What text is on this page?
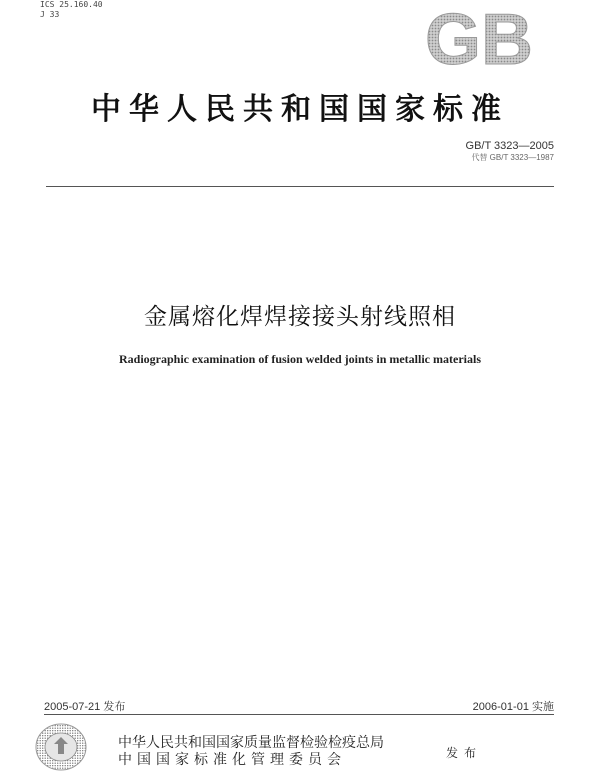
ICS 25.160.40
J 33	GB
中华人民共和国国家标准
GB/T 3323—2005
代替 GB/T 3323—1987
金属熔化焊焊接接头射线照相
Radiographic examination of fusion welded joints in metallic materials
2005-07-21 发布	2006-01-01 实施
中华人民共和国国家质量监督检验检疫总局
中国国家标准化管理委员会	发布
